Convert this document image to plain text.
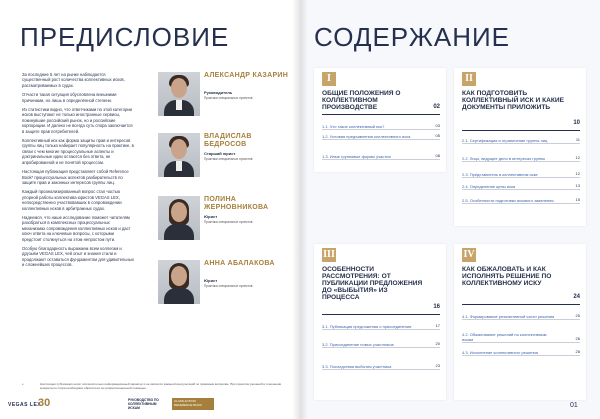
ПРЕДИСЛОВИЕ

За последние 5 лет на рынке наблюдается существенный рост количества коллективных исков, рассматриваемых в судах.

Отчасти такая ситуация обусловлена внешними причинами, но лишь в определённой степени.

Из статистики видно, что ответчиками по этой категории исков выступают не только иностранные сервисы, покинувшие российский рынок, но и российские корпорации. И далеко не всегда суть спора заключается в защите прав потребителей.

Коллективный иск как форма защиты прав и интересов группы лиц только набирает популярность на практике, в связи с чем многие процессуальные аспекты и доктринальные идеи остаются без ответа, не апробированной и не понятой процессом.

Настоящая публикация представляет собой Reference Book* процессуальных аспектов разбирательств по защите прав и законных интересов группы лиц.

Каждый проанализированный вопрос стал частью упорной работы коллектива юристов VEGAS LEX, непосредственно участвовавших в сопровождении коллективных исков в арбитражных судах.

Надеемся, что наше исследование поможет читателям разобраться в комплексных процессуальных механизмах сопровождения коллективных исков и даст ключ ответа на ключевые вопросы, с которыми предстоит столкнуться на этом непростом пути.

Особую благодарность выражаем всем коллегам и друзьям VEGAS LEX, чей опыт и знания стали и продолжают оставаться фундаментом для удивительных и сложнейших процессов.

АЛЕКСАНДР КАЗАРИН
Руководитель
Практики специальных проектов
ВЛАДИСЛАВ БЕДРОСОВ
Старший юрист
Практики специальных проектов
ПОЛИНА ЖЕРНОВНИКОВА
Юрист
Практики специальных проектов
АННА АБАЛАКОВА
Юрист
Практики специальных проектов
*	Настоящая публикация носит исключительно информационный характер и не является заменой консультаций по правовым вопросам. При принятии решений в отношении конкретного спора необходимо обратиться за профессиональной помощью.
VEGAS LEX
30	РУКОВОДСТВО ПО КОЛЛЕКТИВНЫМ ИСКАМ
CLASS ACTION REFERENCE BOOK
СОДЕРЖАНИЕ
I
ОБЩИЕ ПОЛОЖЕНИЯ О КОЛЛЕКТИВНОМ ПРОИЗВОДСТВЕ	02
1.1. Что такое коллективный иск?	03
1.2. Условия предъявления коллективного иска	05
1.3. Иные групповые формы участия	08
II
КАК ПОДГОТОВИТЬ КОЛЛЕКТИВНЫЙ ИСК И КАКИЕ ДОКУМЕНТЫ ПРИЛОЖИТЬ
10
2.1. Сертификация и ограничение группы лиц	11
2.2. Лицо, ведущее дело в интересах группы	12
2.3. Представитель в коллективном иске	12
2.4. Определение цены иска	13
2.5. Особенности подготовки искового заявления	15
III
ОСОБЕННОСТИ РАССМОТРЕНИЯ: ОТ ПУБЛИКАЦИИ ПРЕДЛОЖЕНИЯ ДО «ВЫБЫТИЯ» ИЗ ПРОЦЕССА
16
3.1. Публикация предложения о присоединении	17
3.2. Присоединение новых участников	20
3.3. Последствия выбытия участника	23
IV
КАК ОБЖАЛОВАТЬ И КАК ИСПОЛНЯТЬ РЕШЕНИЕ ПО КОЛЛЕКТИВНОМУ ИСКУ
24
4.1. Формирование резолютивной части решения	25
4.2. Обжалование решений по коллективным искам	26
4.3. Исполнение коллективного решения	28
01
